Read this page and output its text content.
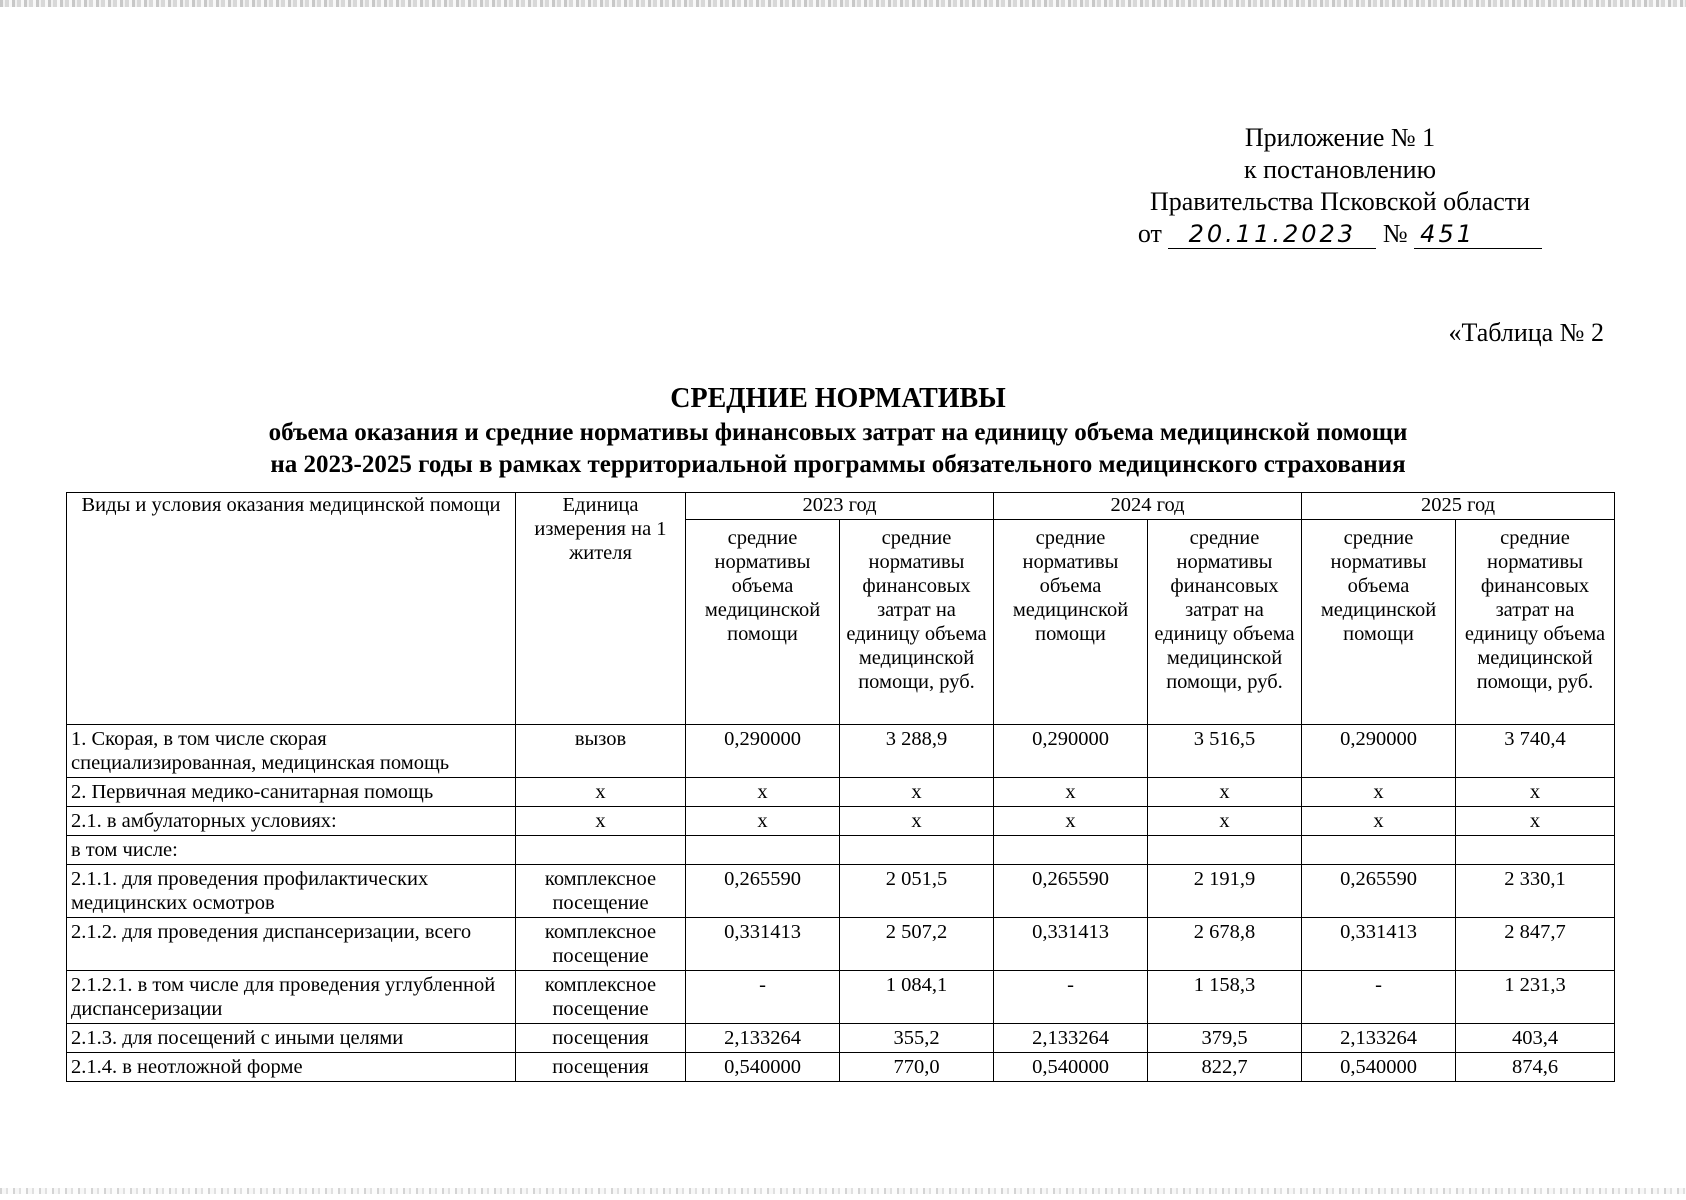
Приложение № 1
к постановлению
Правительства Псковской области
от 20.11.2023 № 451
«Таблица № 2
СРЕДНИЕ НОРМАТИВЫ
объема оказания и средние нормативы финансовых затрат на единицу объема медицинской помощи
на 2023-2025 годы в рамках территориальной программы обязательного медицинского страхования
Виды и условия оказания медицинской помощи	Единица измерения на 1 жителя	2023 год		2024 год		2025 год	
		средние нормативы объема медицинской помощи	средние нормативы финансовых затрат на единицу объема медицинской помощи, руб.	средние нормативы объема медицинской помощи	средние нормативы финансовых затрат на единицу объема медицинской помощи, руб.	средние нормативы объема медицинской помощи	средние нормативы финансовых затрат на единицу объема медицинской помощи, руб.
1. Скорая, в том числе скорая специализированная, медицинская помощь	вызов	0,290000	3 288,9	0,290000	3 516,5	0,290000	3 740,4
2. Первичная медико-санитарная помощь	х	х	х	х	х	х	х
2.1. в амбулаторных условиях:	х	х	х	х	х	х	х
в том числе:							
2.1.1. для проведения профилактических медицинских осмотров	комплексное посещение	0,265590	2 051,5	0,265590	2 191,9	0,265590	2 330,1
2.1.2. для проведения диспансеризации, всего	комплексное посещение	0,331413	2 507,2	0,331413	2 678,8	0,331413	2 847,7
2.1.2.1. в том числе для проведения углубленной диспансеризации	комплексное посещение	-	1 084,1	-	1 158,3	-	1 231,3
2.1.3. для посещений с иными целями	посещения	2,133264	355,2	2,133264	379,5	2,133264	403,4
2.1.4. в неотложной форме	посещения	0,540000	770,0	0,540000	822,7	0,540000	874,6
